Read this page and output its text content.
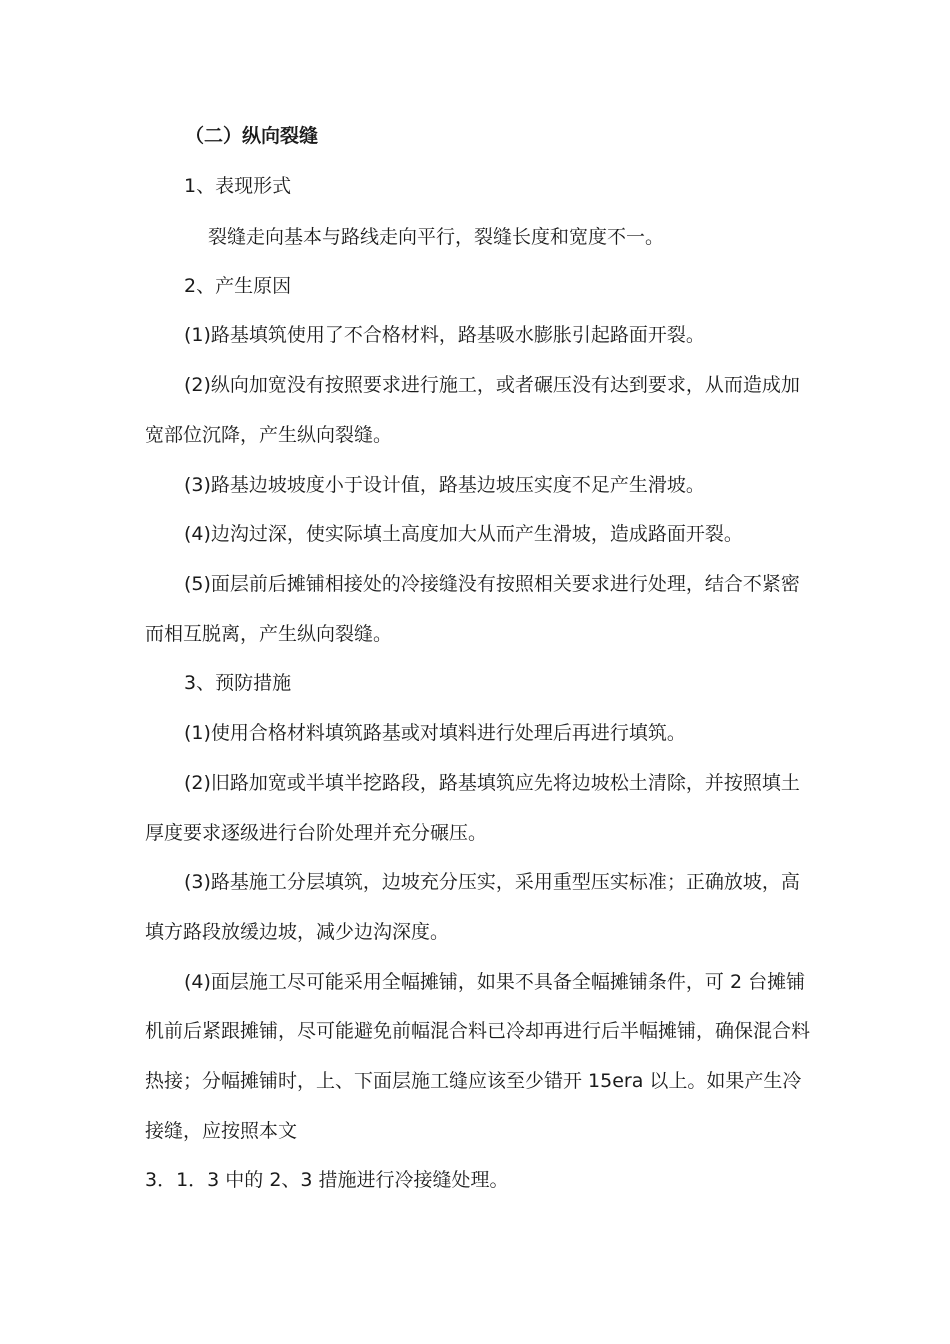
（二）纵向裂缝
1、表现形式
裂缝走向基本与路线走向平行，裂缝长度和宽度不一。
2、产生原因
(1)路基填筑使用了不合格材料，路基吸水膨胀引起路面开裂。
(2)纵向加宽没有按照要求进行施工，或者碾压没有达到要求，从而造成加
宽部位沉降，产生纵向裂缝。
(3)路基边坡坡度小于设计值，路基边坡压实度不足产生滑坡。
(4)边沟过深，使实际填土高度加大从而产生滑坡，造成路面开裂。
(5)面层前后摊铺相接处的冷接缝没有按照相关要求进行处理，结合不紧密
而相互脱离，产生纵向裂缝。
3、预防措施
(1)使用合格材料填筑路基或对填料进行处理后再进行填筑。
(2)旧路加宽或半填半挖路段，路基填筑应先将边坡松土清除，并按照填土
厚度要求逐级进行台阶处理并充分碾压。
(3)路基施工分层填筑，边坡充分压实，采用重型压实标准；正确放坡，高
填方路段放缓边坡，减少边沟深度。
(4)面层施工尽可能采用全幅摊铺，如果不具备全幅摊铺条件，可 2 台摊铺
机前后紧跟摊铺，尽可能避免前幅混合料已冷却再进行后半幅摊铺，确保混合料
热接；分幅摊铺时，上、下面层施工缝应该至少错开 15era 以上。如果产生冷
接缝，应按照本文
3．1．3 中的 2、3 措施进行冷接缝处理。
